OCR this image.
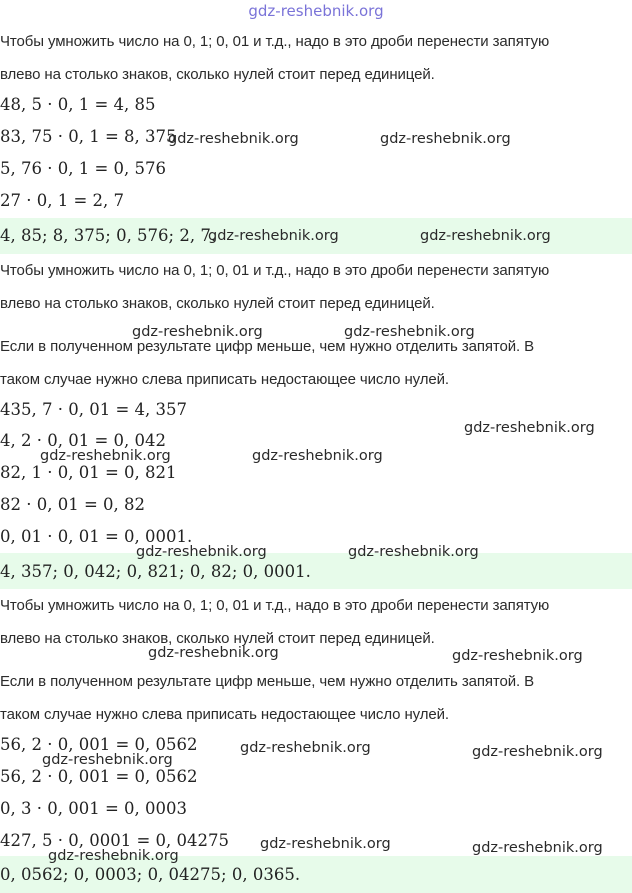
gdz-reshebnik.org
Чтобы умножить число на 0, 1; 0, 01 и т.д., надо в это дроби перенести запятую
влево на столько знаков, сколько нулей стоит перед единицей.
48, 5 · 0, 1 = 4, 85
83, 75 · 0, 1 = 8, 375
5, 76 · 0, 1 = 0, 576
27 · 0, 1 = 2, 7
4, 85; 8, 375; 0, 576; 2, 7.
Чтобы умножить число на 0, 1; 0, 01 и т.д., надо в это дроби перенести запятую
влево на столько знаков, сколько нулей стоит перед единицей.
Если в полученном результате цифр меньше, чем нужно отделить запятой. В
таком случае нужно слева приписать недостающее число нулей.
435, 7 · 0, 01 = 4, 357
4, 2 · 0, 01 = 0, 042
82, 1 · 0, 01 = 0, 821
82 · 0, 01 = 0, 82
0, 01 · 0, 01 = 0, 0001.
4, 357; 0, 042; 0, 821; 0, 82; 0, 0001.
Чтобы умножить число на 0, 1; 0, 01 и т.д., надо в это дроби перенести запятую
влево на столько знаков, сколько нулей стоит перед единицей.
Если в полученном результате цифр меньше, чем нужно отделить запятой. В
таком случае нужно слева приписать недостающее число нулей.
56, 2 · 0, 001 = 0, 0562
56, 2 · 0, 001 = 0, 0562
0, 3 · 0, 001 = 0, 0003
427, 5 · 0, 0001 = 0, 04275
0, 0562; 0, 0003; 0, 04275; 0, 0365.
gdz-reshebnik.org	gdz-reshebnik.org
gdz-reshebnik.org	gdz-reshebnik.org
gdz-reshebnik.org	gdz-reshebnik.org
gdz-reshebnik.org
gdz-reshebnik.org	gdz-reshebnik.org
gdz-reshebnik.org	gdz-reshebnik.org
gdz-reshebnik.org	gdz-reshebnik.org
gdz-reshebnik.org	gdz-reshebnik.org
gdz-reshebnik.org
gdz-reshebnik.org	gdz-reshebnik.org
gdz-reshebnik.org
